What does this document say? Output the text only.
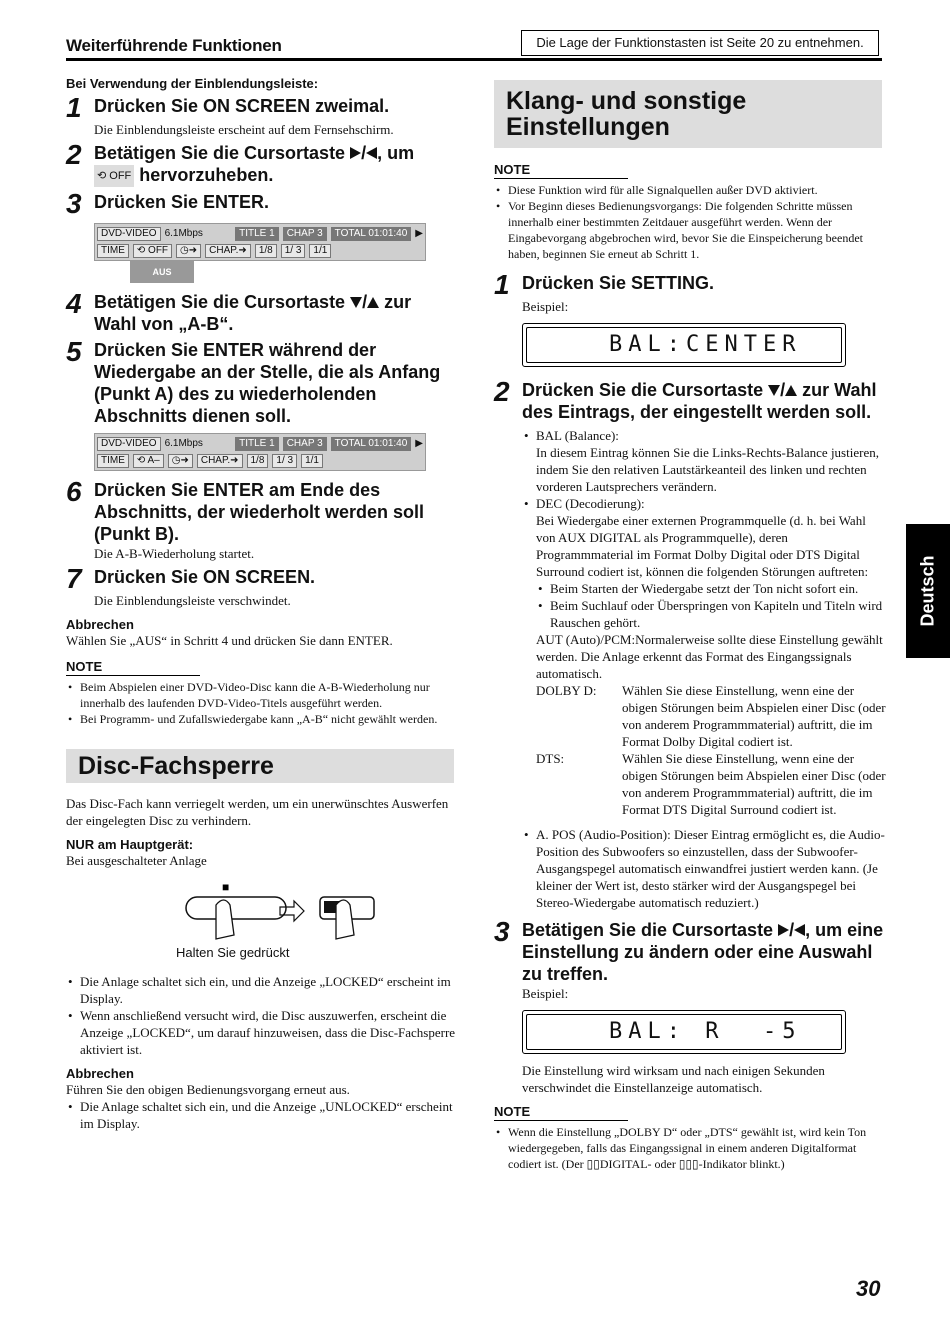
Weiterführende Funktionen	Die Lage der Funktionstasten ist Seite 20 zu entnehmen.
Bei Verwendung der Einblendungsleiste:
1 Drücken Sie ON SCREEN zweimal.
Die Einblendungsleiste erscheint auf dem Fernsehschirm.
2 Betätigen Sie die Cursortaste / , um
⟲ OFF hervorzuheben.
3 Drücken Sie ENTER.
DVD-VIDEO 6.1Mbps	TITLE 1	CHAP 3	TOTAL 01:01:40 ▶
TIME	⟲ OFF	◷➜	CHAP.➜	1/8	1/ 3	1/1
AUS
4 Betätigen Sie die Cursortaste / zur Wahl von „A-B“.
5 Drücken Sie ENTER während der Wiedergabe an der Stelle, die als Anfang (Punkt A) des zu wiederholenden Abschnitts dienen soll.
DVD-VIDEO 6.1Mbps	TITLE 1	CHAP 3	TOTAL 01:01:40 ▶
TIME	⟲ A–	◷➜	CHAP.➜	1/8	1/ 3	1/1
6 Drücken Sie ENTER am Ende des Abschnitts, der wiederholt werden soll (Punkt B).
Die A-B-Wiederholung startet.
7 Drücken Sie ON SCREEN.
Die Einblendungsleiste verschwindet.
Abbrechen
Wählen Sie „AUS“ in Schritt 4 und drücken Sie dann ENTER.
NOTE
• Beim Abspielen einer DVD-Video-Disc kann die A-B-Wiederholung nur innerhalb des laufenden DVD-Video-Titels ausgeführt werden.
• Bei Programm- und Zufallswiedergabe kann „A-B“ nicht gewählt werden.
Disc-Fachsperre
Das Disc-Fach kann verriegelt werden, um ein unerwünschtes Auswerfen der eingelegten Disc zu verhindern.
NUR am Hauptgerät:
Bei ausgeschalteter Anlage
■
Halten Sie gedrückt
• Die Anlage schaltet sich ein, und die Anzeige „LOCKED“ erscheint im Display.
• Wenn anschließend versucht wird, die Disc auszuwerfen, erscheint die Anzeige „LOCKED“, um darauf hinzuweisen, dass die Disc-Fachsperre aktiviert ist.
Abbrechen
Führen Sie den obigen Bedienungsvorgang erneut aus.
• Die Anlage schaltet sich ein, und die Anzeige „UNLOCKED“ erscheint im Display.
Klang- und sonstige
Einstellungen
NOTE
• Diese Funktion wird für alle Signalquellen außer DVD aktiviert.
• Vor Beginn dieses Bedienungsvorgangs: Die folgenden Schritte müssen innerhalb einer bestimmten Zeitdauer ausgeführt werden. Wenn der Eingabevorgang abgebrochen wird, bevor Sie die Einspeicherung beendet haben, beginnen Sie erneut ab Schritt 1.
1 Drücken Sie SETTING.
Beispiel:
BAL:CENTER
2 Drücken Sie die Cursortaste / zur Wahl des Eintrags, der eingestellt werden soll.
• BAL (Balance):
In diesem Eintrag können Sie die Links-Rechts-Balance justieren, indem Sie den relativen Lautstärkeanteil des linken und rechten vorderen Lautsprechers verändern.
• DEC (Decodierung):
Bei Wiedergabe einer externen Programmquelle (d. h. bei Wahl von AUX DIGITAL als Programmquelle), deren Programmmaterial im Format Dolby Digital oder DTS Digital Surround codiert ist, können die folgenden Störungen auftreten:
• Beim Starten der Wiedergabe setzt der Ton nicht sofort ein.
• Beim Suchlauf oder Überspringen von Kapiteln und Titeln wird Rauschen gehört.
AUT (Auto)/PCM:Normalerweise sollte diese Einstellung gewählt werden. Die Anlage erkennt das Format des Eingangssignals automatisch.
DOLBY D:	Wählen Sie diese Einstellung, wenn eine der obigen Störungen beim Abspielen einer Disc (oder von anderem Programmmaterial) auftritt, die im Format Dolby Digital codiert ist.
DTS:	Wählen Sie diese Einstellung, wenn eine der obigen Störungen beim Abspielen einer Disc (oder von anderem Programmmaterial) auftritt, die im Format DTS Digital Surround codiert ist.
• A. POS (Audio-Position): Dieser Eintrag ermöglicht es, die Audio-Position des Subwoofers so einzustellen, dass der Subwoofer-Ausgangspegel automatisch einwandfrei justiert werden kann. (Je kleiner der Wert ist, desto stärker wird der Ausgangspegel bei Stereo-Wiedergabe automatisch reduziert.)
3 Betätigen Sie die Cursortaste / , um eine Einstellung zu ändern oder eine Auswahl zu treffen.
Beispiel:
BAL: R  -5
Die Einstellung wird wirksam und nach einigen Sekunden verschwindet die Einstellanzeige automatisch.
NOTE
• Wenn die Einstellung „DOLBY D“ oder „DTS“ gewählt ist, wird kein Ton wiedergegeben, falls das Eingangssignal in einem anderen Digitalformat codiert ist. (Der ▯▯DIGITAL- oder ▯▯▯-Indikator blinkt.)
Deutsch
30
